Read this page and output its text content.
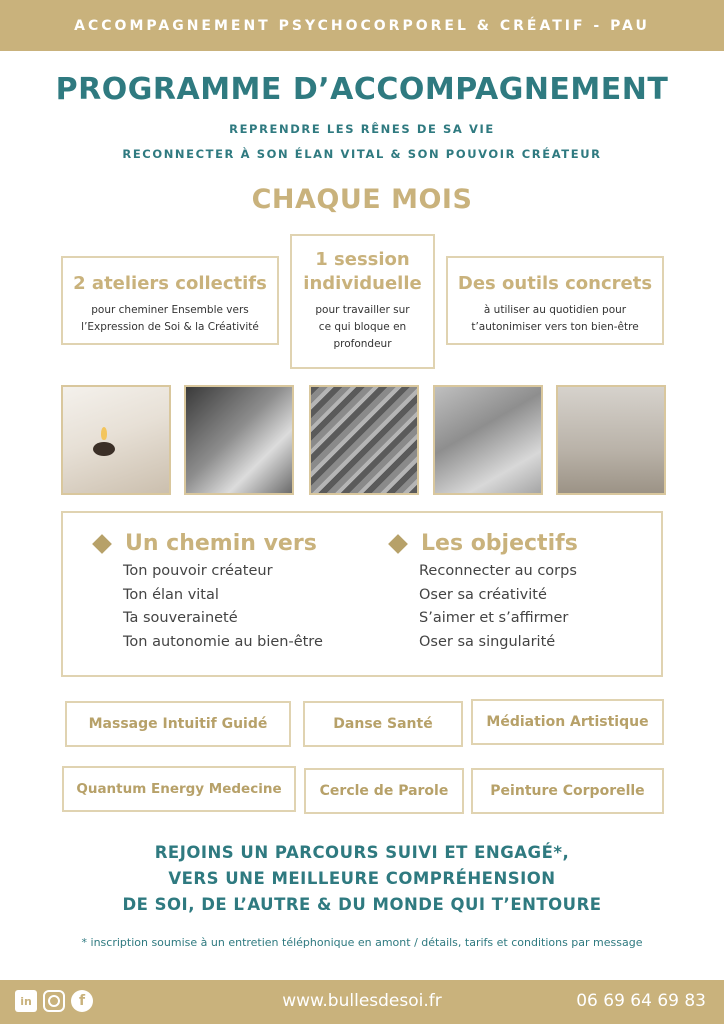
ACCOMPAGNEMENT PSYCHOCORPOREL & CRÉATIF - PAU
PROGRAMME D’ACCOMPAGNEMENT
REPRENDRE LES RÊNES DE SA VIE
RECONNECTER À SON ÉLAN VITAL & SON POUVOIR CRÉATEUR
CHAQUE MOIS
2 ateliers collectifs
pour cheminer Ensemble vers
l’Expression de Soi & la Créativité
1 session
individuelle
pour travailler sur
ce qui bloque en
profondeur
Des outils concrets
à utiliser au quotidien pour
t’autonimiser vers ton bien-être
Un chemin vers
Ton pouvoir créateur
Ton élan vital
Ta souveraineté
Ton autonomie au bien-être
Les objectifs
Reconnecter au corps
Oser sa créativité
S’aimer et s’affirmer
Oser sa singularité
Massage Intuitif Guidé	Danse Santé	Médiation Artistique
Quantum Energy Medecine	Cercle de Parole	Peinture Corporelle
REJOINS UN PARCOURS SUIVI ET ENGAGÉ*,
VERS UNE MEILLEURE COMPRÉHENSION
DE SOI, DE L’AUTRE & DU MONDE QUI T’ENTOURE
* inscription soumise à un entretien téléphonique en amont / détails, tarifs et conditions par message
in	f	www.bullesdesoi.fr	06 69 64 69 83
